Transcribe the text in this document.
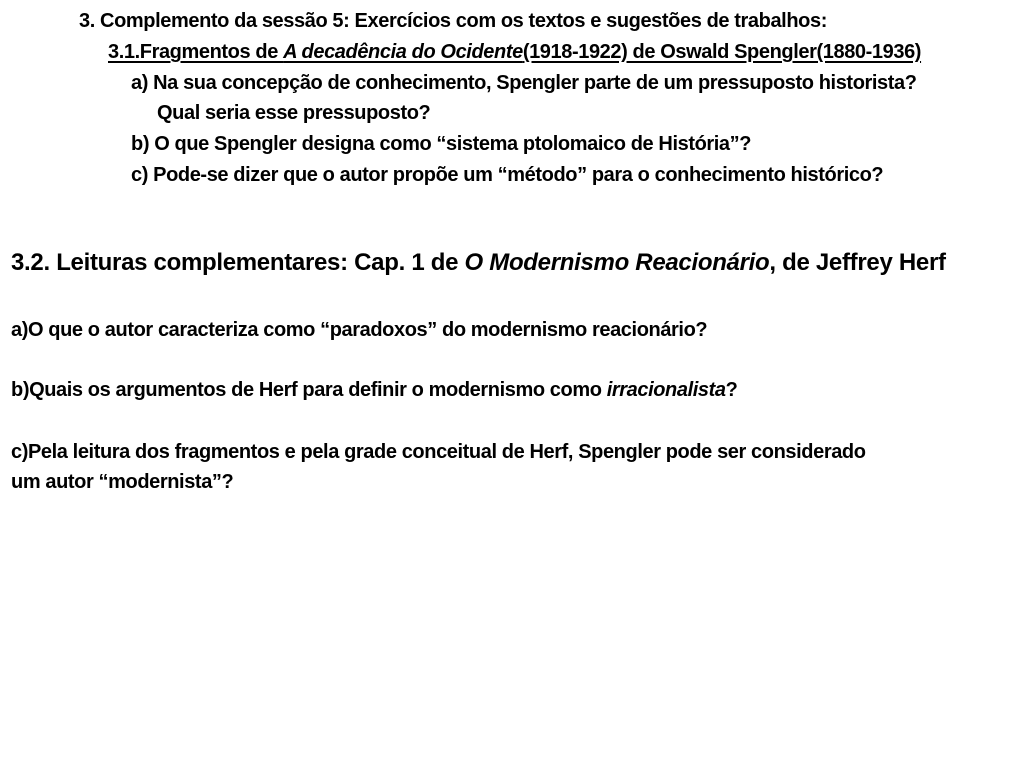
3. Complemento da sessão 5: Exercícios com os textos e sugestões de trabalhos:
3.1.Fragmentos de A decadência do Ocidente(1918-1922) de Oswald Spengler(1880-1936)
a) Na sua concepção de conhecimento, Spengler parte de um pressuposto historista?
Qual seria esse pressuposto?
b) O que Spengler designa como “sistema ptolomaico de História”?
c) Pode-se dizer que o autor propõe um “método” para o conhecimento histórico?
3.2. Leituras complementares: Cap. 1 de O Modernismo Reacionário, de Jeffrey Herf
a)O que o autor caracteriza como “paradoxos” do modernismo reacionário?
b)Quais os argumentos de Herf para definir o modernismo como irracionalista?
c)Pela leitura dos fragmentos e pela grade conceitual de Herf, Spengler pode ser considerado
um autor “modernista”?
